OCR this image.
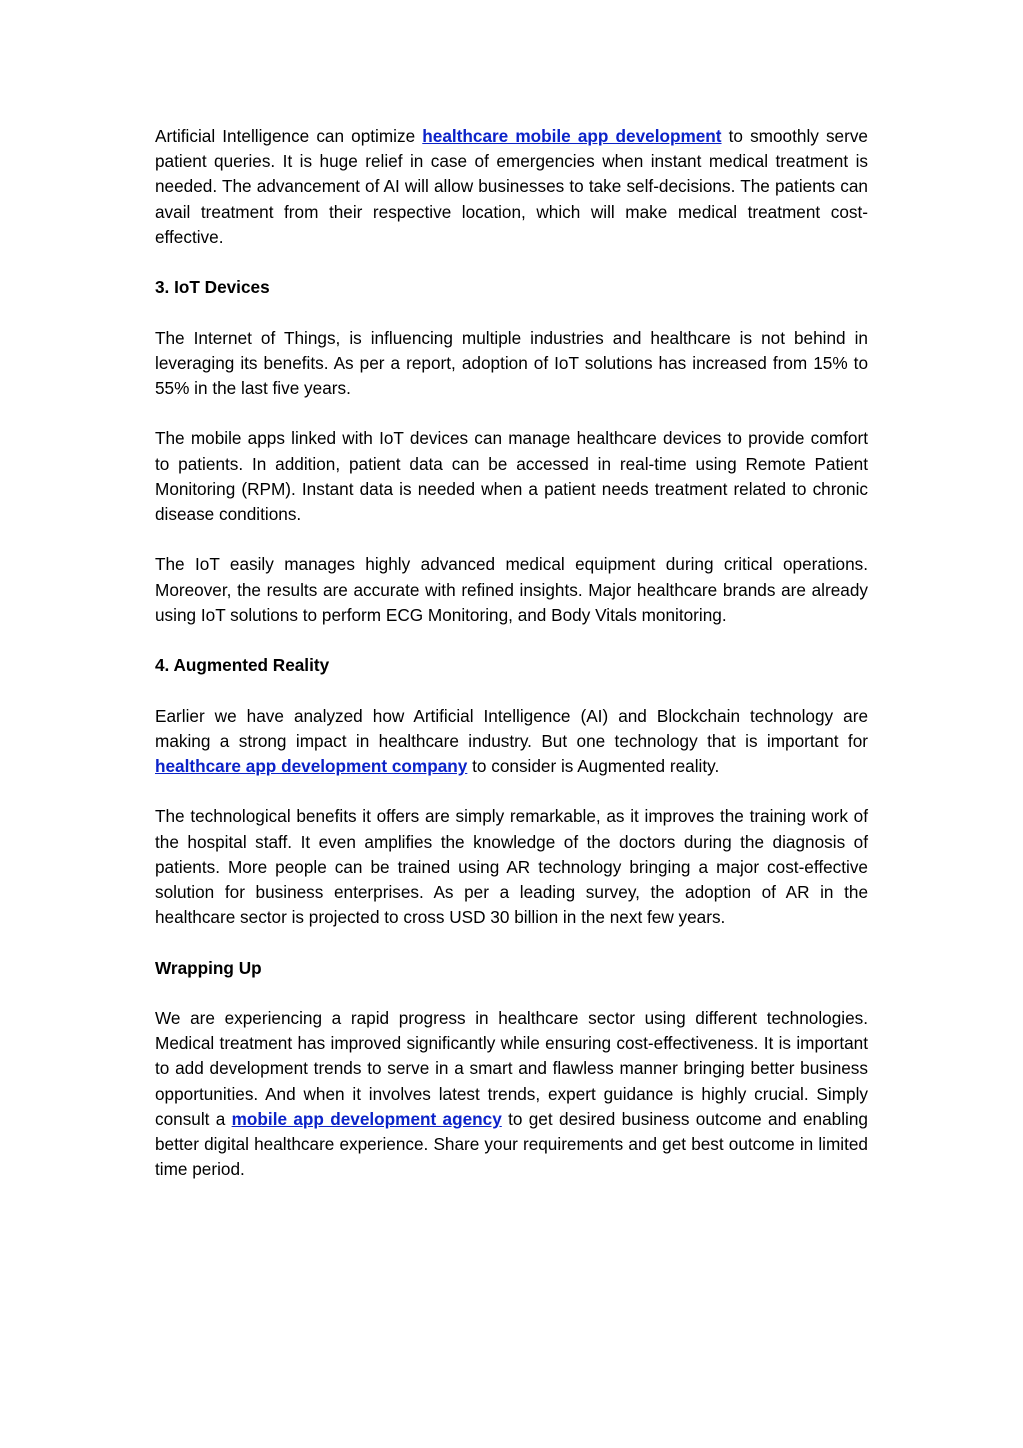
Artificial Intelligence can optimize healthcare mobile app development to smoothly serve patient queries. It is huge relief in case of emergencies when instant medical treatment is needed. The advancement of AI will allow businesses to take self-decisions. The patients can avail treatment from their respective location, which will make medical treatment cost-effective.

3. IoT Devices

The Internet of Things, is influencing multiple industries and healthcare is not behind in leveraging its benefits. As per a report, adoption of IoT solutions has increased from 15% to 55% in the last five years.

The mobile apps linked with IoT devices can manage healthcare devices to provide comfort to patients. In addition, patient data can be accessed in real-time using Remote Patient Monitoring (RPM). Instant data is needed when a patient needs treatment related to chronic disease conditions.

The IoT easily manages highly advanced medical equipment during critical operations. Moreover, the results are accurate with refined insights. Major healthcare brands are already using IoT solutions to perform ECG Monitoring, and Body Vitals monitoring.

4. Augmented Reality

Earlier we have analyzed how Artificial Intelligence (AI) and Blockchain technology are making a strong impact in healthcare industry. But one technology that is important for healthcare app development company to consider is Augmented reality.

The technological benefits it offers are simply remarkable, as it improves the training work of the hospital staff. It even amplifies the knowledge of the doctors during the diagnosis of patients. More people can be trained using AR technology bringing a major cost-effective solution for business enterprises. As per a leading survey, the adoption of AR in the healthcare sector is projected to cross USD 30 billion in the next few years.

Wrapping Up

We are experiencing a rapid progress in healthcare sector using different technologies. Medical treatment has improved significantly while ensuring cost-effectiveness. It is important to add development trends to serve in a smart and flawless manner bringing better business opportunities. And when it involves latest trends, expert guidance is highly crucial. Simply consult a mobile app development agency to get desired business outcome and enabling better digital healthcare experience. Share your requirements and get best outcome in limited time period.
